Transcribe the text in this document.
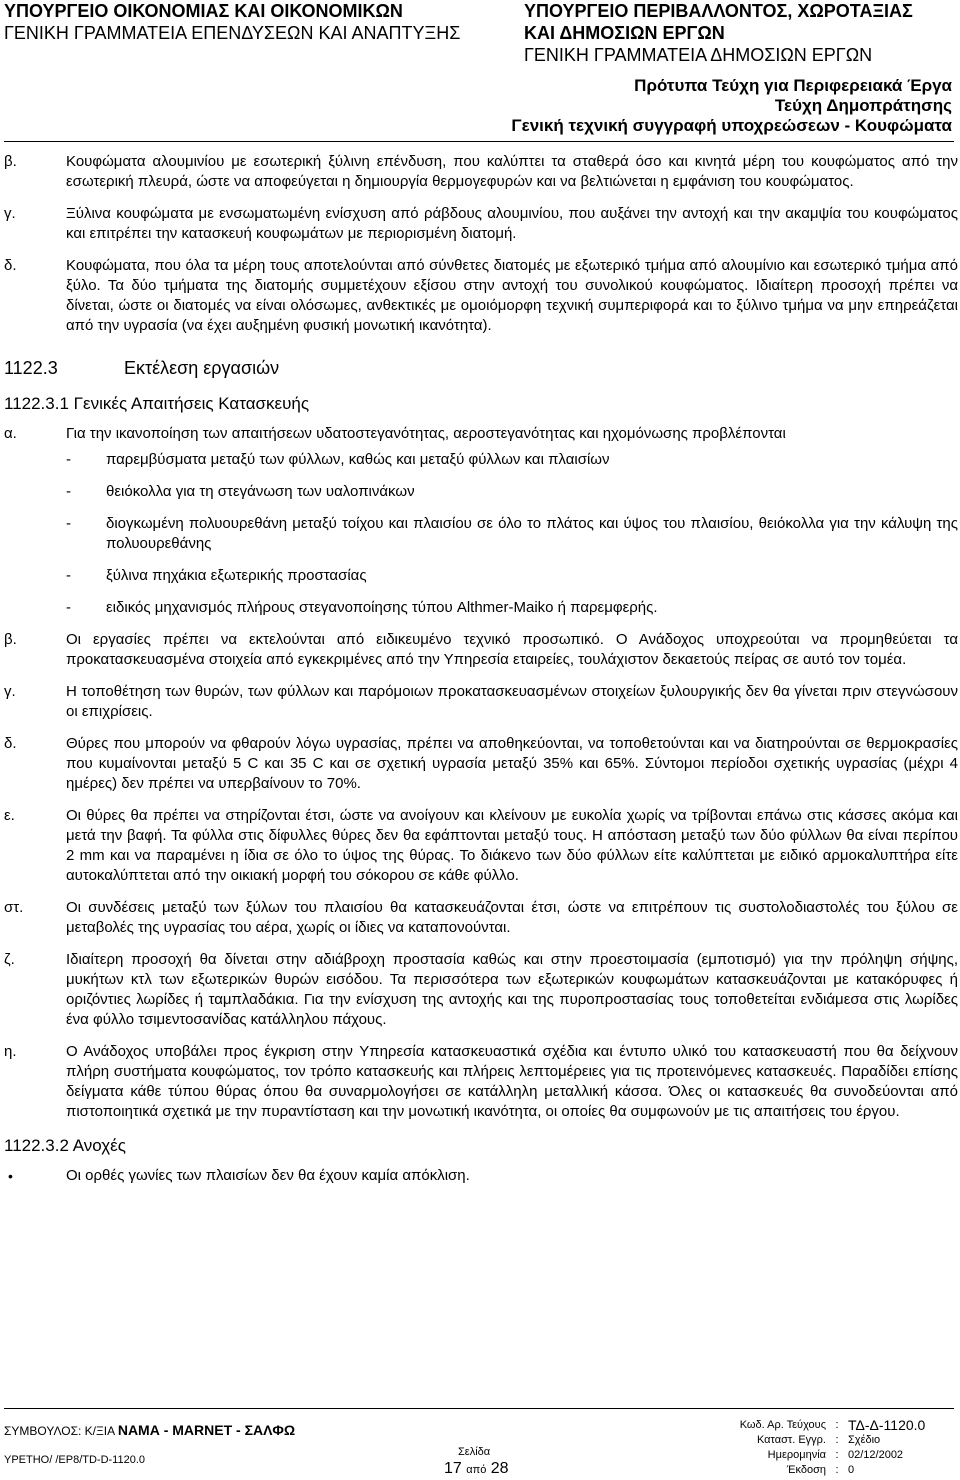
ΥΠΟΥΡΓΕΙΟ ΟΙΚΟΝΟΜΙΑΣ ΚΑΙ ΟΙΚΟΝΟΜΙΚΩΝ
ΓΕΝΙΚΗ ΓΡΑΜΜΑΤΕΙΑ ΕΠΕΝΔΥΣΕΩΝ ΚΑΙ ΑΝΑΠΤΥΞΗΣ
ΥΠΟΥΡΓΕΙΟ ΠΕΡΙΒΑΛΛΟΝΤΟΣ, ΧΩΡΟΤΑΞΙΑΣ
ΚΑΙ ΔΗΜΟΣΙΩΝ ΕΡΓΩΝ
ΓΕΝΙΚΗ ΓΡΑΜΜΑΤΕΙΑ ΔΗΜΟΣΙΩΝ ΕΡΓΩΝ
Πρότυπα Τεύχη για Περιφερειακά Έργα
Τεύχη Δημοπράτησης
Γενική τεχνική συγγραφή υποχρεώσεων - Κουφώματα
β.	Κουφώματα αλουμινίου με εσωτερική ξύλινη επένδυση, που καλύπτει τα σταθερά όσο και κινητά μέρη του κουφώματος από την εσωτερική πλευρά, ώστε να αποφεύγεται η δημιουργία θερμογεφυρών και να βελτιώνεται η εμφάνιση του κουφώματος.
γ.	Ξύλινα κουφώματα με ενσωματωμένη ενίσχυση από ράβδους αλουμινίου, που αυξάνει την αντοχή και την ακαμψία του κουφώματος και επιτρέπει την κατασκευή κουφωμάτων με περιορισμένη διατομή.
δ.	Κουφώματα, που όλα τα μέρη τους αποτελούνται από σύνθετες διατομές με εξωτερικό τμήμα από αλουμίνιο και εσωτερικό τμήμα από ξύλο. Τα δύο τμήματα της διατομής συμμετέχουν εξίσου στην αντοχή του συνολικού κουφώματος. Ιδιαίτερη προσοχή πρέπει να δίνεται, ώστε οι διατομές να είναι ολόσωμες, ανθεκτικές με ομοιόμορφη τεχνική συμπεριφορά και το ξύλινο τμήμα να μην επηρεάζεται από την υγρασία (να έχει αυξημένη φυσική μονωτική ικανότητα).
1122.3	Εκτέλεση εργασιών
1122.3.1 Γενικές Απαιτήσεις Κατασκευής
α.	Για την ικανοποίηση των απαιτήσεων υδατοστεγανότητας, αεροστεγανότητας και ηχομόνωσης προβλέπονται
- παρεμβύσματα μεταξύ των φύλλων, καθώς και μεταξύ φύλλων και πλαισίων
- θειόκολλα για τη στεγάνωση των υαλοπινάκων
- διογκωμένη πολυουρεθάνη μεταξύ τοίχου και πλαισίου σε όλο το πλάτος και ύψος του πλαισίου, θειόκολλα για την κάλυψη της πολυουρεθάνης
- ξύλινα πηχάκια εξωτερικής προστασίας
- ειδικός μηχανισμός πλήρους στεγανοποίησης τύπου Althmer-Maiko ή παρεμφερής.
β.	Οι εργασίες πρέπει να εκτελούνται από ειδικευμένο τεχνικό προσωπικό. Ο Ανάδοχος υποχρεούται να προμηθεύεται τα προκατασκευασμένα στοιχεία από εγκεκριμένες από την Υπηρεσία εταιρείες, τουλάχιστον δεκαετούς πείρας σε αυτό τον τομέα.
γ.	Η τοποθέτηση των θυρών, των φύλλων και παρόμοιων προκατασκευασμένων στοιχείων ξυλουργικής δεν θα γίνεται πριν στεγνώσουν οι επιχρίσεις.
δ.	Θύρες που μπορούν να φθαρούν λόγω υγρασίας, πρέπει να αποθηκεύονται, να τοποθετούνται και να διατηρούνται σε θερμοκρασίες που κυμαίνονται μεταξύ 5 C και 35 C και σε σχετική υγρασία μεταξύ 35% και 65%. Σύντομοι περίοδοι σχετικής υγρασίας (μέχρι 4 ημέρες) δεν πρέπει να υπερβαίνουν το 70%.
ε.	Οι θύρες θα πρέπει να στηρίζονται έτσι, ώστε να ανοίγουν και κλείνουν με ευκολία χωρίς να τρίβονται επάνω στις κάσσες ακόμα και μετά την βαφή. Τα φύλλα στις δίφυλλες θύρες δεν θα εφάπτονται μεταξύ τους. Η απόσταση μεταξύ των δύο φύλλων θα είναι περίπου 2 mm και να παραμένει η ίδια σε όλο το ύψος της θύρας. Το διάκενο των δύο φύλλων είτε καλύπτεται με ειδικό αρμοκαλυπτήρα είτε αυτοκαλύπτεται από την οικιακή μορφή του σόκορου σε κάθε φύλλο.
στ.	Οι συνδέσεις μεταξύ των ξύλων του πλαισίου θα κατασκευάζονται έτσι, ώστε να επιτρέπουν τις συστολοδιαστολές του ξύλου σε μεταβολές της υγρασίας του αέρα, χωρίς οι ίδιες να καταπονούνται.
ζ.	Ιδιαίτερη προσοχή θα δίνεται στην αδιάβροχη προστασία καθώς και στην προεστοιμασία (εμποτισμό) για την πρόληψη σήψης, μυκήτων κτλ των εξωτερικών θυρών εισόδου. Τα περισσότερα των εξωτερικών κουφωμάτων κατασκευάζονται με κατακόρυφες ή οριζόντιες λωρίδες ή ταμπλαδάκια. Για την ενίσχυση της αντοχής και της πυροπροστασίας τους τοποθετείται ενδιάμεσα στις λωρίδες ένα φύλλο τσιμεντοσανίδας κατάλληλου πάχους.
η.	Ο Ανάδοχος υποβάλει προς έγκριση στην Υπηρεσία κατασκευαστικά σχέδια και έντυπο υλικό του κατασκευαστή που θα δείχνουν πλήρη συστήματα κουφώματος, τον τρόπο κατασκευής και πλήρεις λεπτομέρειες για τις προτεινόμενες κατασκευές. Παραδίδει επίσης δείγματα κάθε τύπου θύρας όπου θα συναρμολογήσει σε κατάλληλη μεταλλική κάσσα. Όλες οι κατασκευές θα συνοδεύονται από πιστοποιητικά σχετικά με την πυραντίσταση και την μονωτική ικανότητα, οι οποίες θα συμφωνούν με τις απαιτήσεις του έργου.
1122.3.2 Ανοχές
•	Οι ορθές γωνίες των πλαισίων δεν θα έχουν καμία απόκλιση.
ΣΥΜΒΟΥΛΟΣ: Κ/ΞΙΑ ΝΑΜΑ - MARNET - ΣΑΛΦΩ
ΥΡΕΤΗΟ/ /ΕΡ8/ΤD-D-1120.0
Σελίδα
17 από 28
Κωδ. Αρ. Τεύχους : ΤΔ-Δ-1120.0
Καταστ. Εγγρ. : Σχέδιο
Ημερομηνία : 02/12/2002
Έκδοση : 0
